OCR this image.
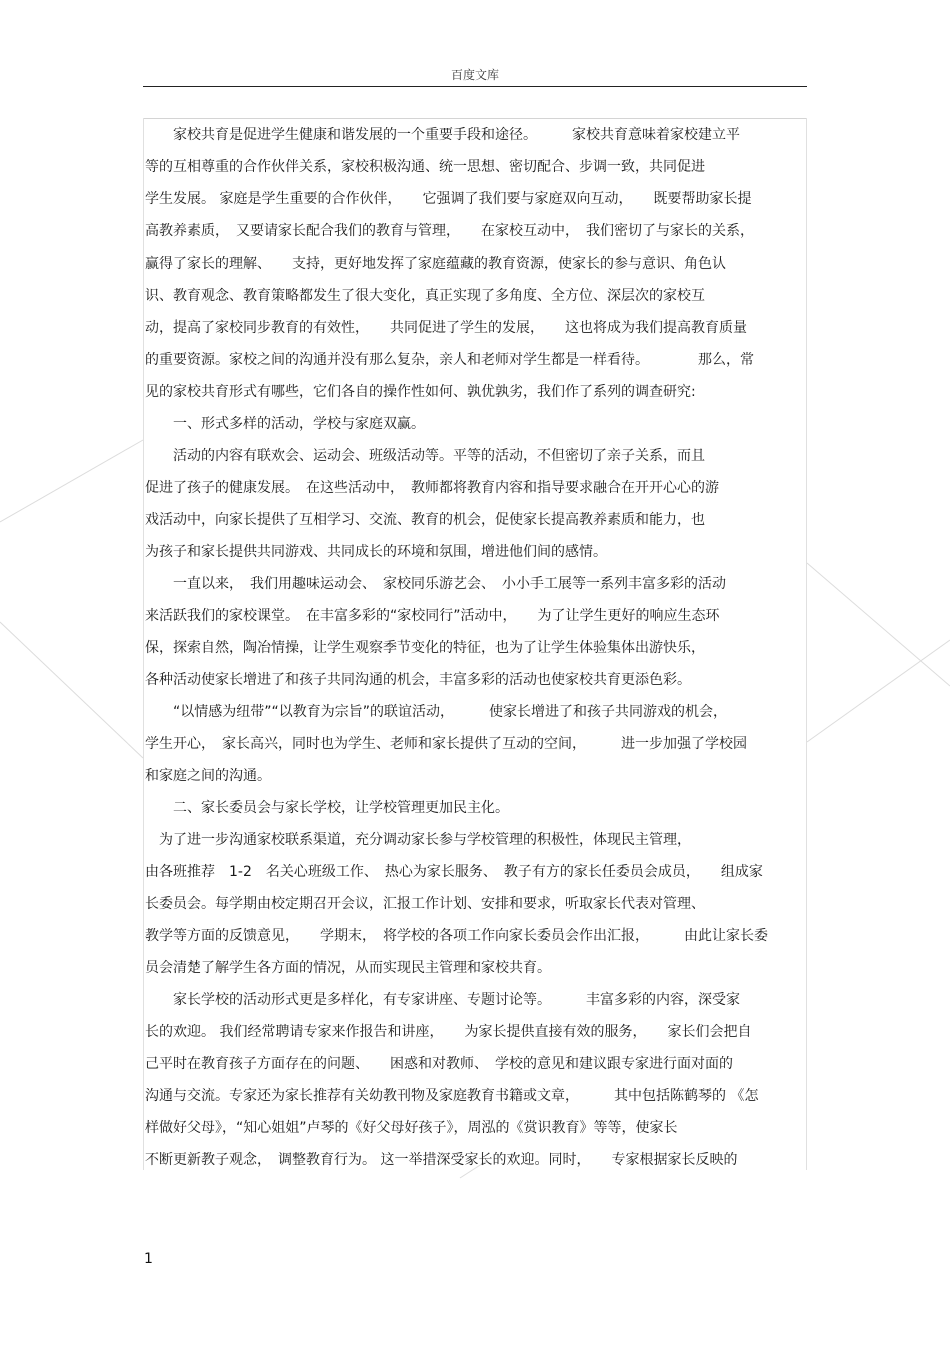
百度文库
　　家校共育是促进学生健康和谐发展的一个重要手段和途径。　　　家校共育意味着家校建立平
等的互相尊重的合作伙伴关系，家校积极沟通、统一思想、密切配合、步调一致，共同促进
学生发展。 家庭是学生重要的合作伙伴，　　它强调了我们要与家庭双向互动，　　既要帮助家长提
高教养素质，　又要请家长配合我们的教育与管理，　　在家校互动中，　我们密切了与家长的关系，
赢得了家长的理解、　　支持，更好地发挥了家庭蕴藏的教育资源，使家长的参与意识、角色认
识、教育观念、教育策略都发生了很大变化，真正实现了多角度、全方位、深层次的家校互
动，提高了家校同步教育的有效性，　　共同促进了学生的发展，　　这也将成为我们提高教育质量
的重要资源。家校之间的沟通并没有那么复杂，亲人和老师对学生都是一样看待。　　　　那么，常
见的家校共育形式有哪些，它们各自的操作性如何、孰优孰劣，我们作了系列的调查研究:
　　一、形式多样的活动，学校与家庭双赢。
　　活动的内容有联欢会、运动会、班级活动等。平等的活动，不但密切了亲子关系，而且
促进了孩子的健康发展。　在这些活动中，　教师都将教育内容和指导要求融合在开开心心的游
戏活动中，向家长提供了互相学习、交流、教育的机会，促使家长提高教养素质和能力，也
为孩子和家长提供共同游戏、共同成长的环境和氛围，增进他们间的感情。
　　一直以来，　我们用趣味运动会、　家校同乐游艺会、　小小手工展等一系列丰富多彩的活动
来活跃我们的家校课堂。　在丰富多彩的“家校同行”活动中，　　为了让学生更好的响应生态环
保，探索自然，陶冶情操，让学生观察季节变化的特征，也为了让学生体验集体出游快乐，
各种活动使家长增进了和孩子共同沟通的机会，丰富多彩的活动也使家校共育更添色彩。
　　“以情感为纽带”“以教育为宗旨”的联谊活动，　　　使家长增进了和孩子共同游戏的机会，
学生开心，　家长高兴，同时也为学生、老师和家长提供了互动的空间，　　　进一步加强了学校园
和家庭之间的沟通。
　　二、家长委员会与家长学校，让学校管理更加民主化。
　为了进一步沟通家校联系渠道，充分调动家长参与学校管理的积极性，体现民主管理，
由各班推荐　1-2　名关心班级工作、　热心为家长服务、　教子有方的家长任委员会成员，　　组成家
长委员会。每学期由校定期召开会议，汇报工作计划、安排和要求，听取家长代表对管理、
教学等方面的反馈意见，　　学期末，　将学校的各项工作向家长委员会作出汇报，　　　由此让家长委
员会清楚了解学生各方面的情况，从而实现民主管理和家校共育。
　　家长学校的活动形式更是多样化，有专家讲座、专题讨论等。　　　丰富多彩的内容，深受家
长的欢迎。 我们经常聘请专家来作报告和讲座，　　为家长提供直接有效的服务，　　家长们会把自
己平时在教育孩子方面存在的问题、　　困惑和对教师、　学校的意见和建议跟专家进行面对面的
沟通与交流。专家还为家长推荐有关幼教刊物及家庭教育书籍或文章，　　　其中包括陈鹤琴的 《怎
样做好父母》，“知心姐姐”卢琴的《好父母好孩子》，周泓的《赏识教育》等等，使家长
不断更新教子观念，　调整教育行为。 这一举措深受家长的欢迎。同时，　　专家根据家长反映的
1
